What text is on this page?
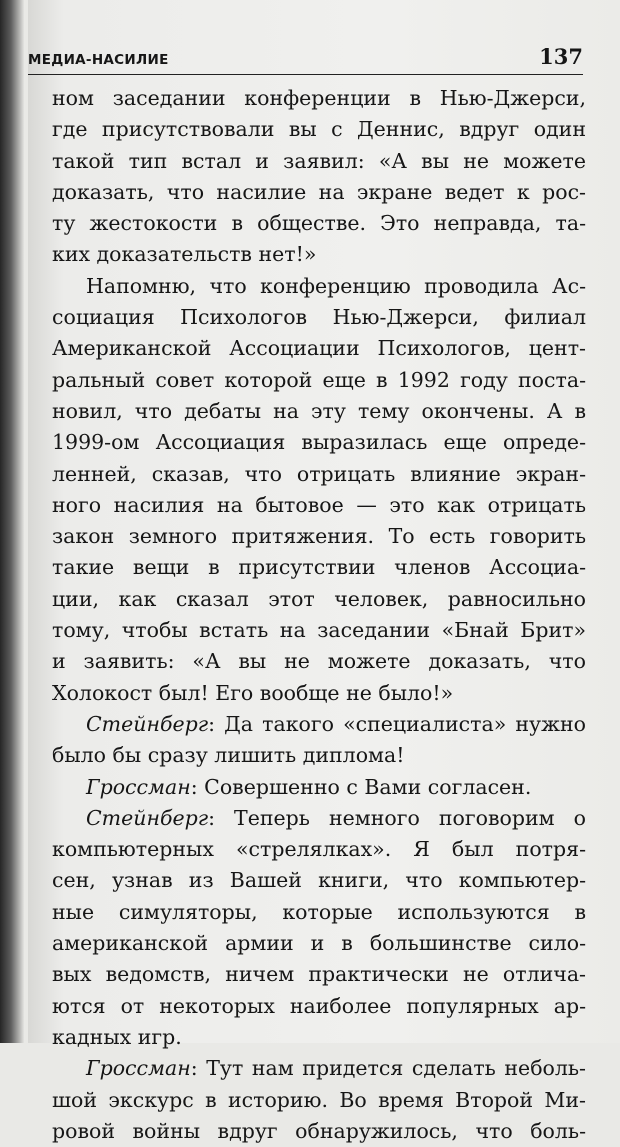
МЕДИА-НАСИЛИЕ	137
ном заседании конференции в Нью-Джерси,
где присутствовали вы с Деннис, вдруг один
такой тип встал и заявил: «А вы не можете
доказать, что насилие на экране ведет к рос-
ту жестокости в обществе. Это неправда, та-
ких доказательств нет!»
Напомню, что конференцию проводила Ас-
социация Психологов Нью-Джерси, филиал
Американской Ассоциации Психологов, цент-
ральный совет которой еще в 1992 году поста-
новил, что дебаты на эту тему окончены. А в
1999-ом Ассоциация выразилась еще опреде-
ленней, сказав, что отрицать влияние экран-
ного насилия на бытовое — это как отрицать
закон земного притяжения. То есть говорить
такие вещи в присутствии членов Ассоциа-
ции, как сказал этот человек, равносильно
тому, чтобы встать на заседании «Бнай Брит»
и заявить: «А вы не можете доказать, что
Холокост был! Его вообще не было!»
Стейнберг: Да такого «специалиста» нужно
было бы сразу лишить диплома!
Гроссман: Совершенно с Вами согласен.
Стейнберг: Теперь немного поговорим о
компьютерных «стрелялках». Я был потря-
сен, узнав из Вашей книги, что компьютер-
ные симуляторы, которые используются в
американской армии и в большинстве сило-
вых ведомств, ничем практически не отлича-
ются от некоторых наиболее популярных ар-
кадных игр.
Гроссман: Тут нам придется сделать неболь-
шой экскурс в историю. Во время Второй Ми-
ровой войны вдруг обнаружилось, что боль-
